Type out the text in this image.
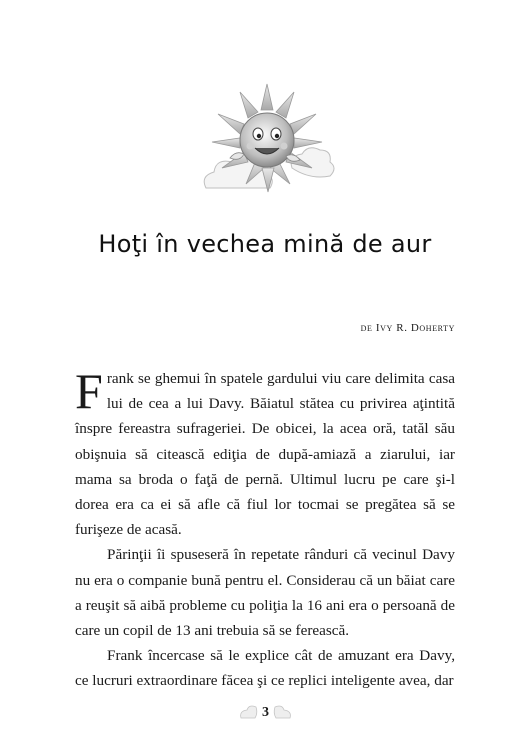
Hoţi în vechea mină de aur
de Ivy R. Doherty

Frank se ghemui în spatele gardului viu care delimita casa lui de cea a lui Davy. Băiatul stătea cu privirea aţintită înspre fereastra sufrageriei. De obicei, la acea oră, tatăl său obişnuia să citească ediţia de după-amiază a ziarului, iar mama sa broda o faţă de pernă. Ultimul lucru pe care şi-l dorea era ca ei să afle că fiul lor tocmai se pregătea să se furişeze de acasă.

Părinţii îi spuseseră în repetate rânduri că vecinul Davy nu era o companie bună pentru el. Considerau că un băiat care a reuşit să aibă probleme cu poliţia la 16 ani era o persoană de care un copil de 13 ani trebuia să se ferească.

Frank încercase să le explice cât de amuzant era Davy, ce lucruri extraordinare făcea şi ce replici inteligente avea, dar

3
